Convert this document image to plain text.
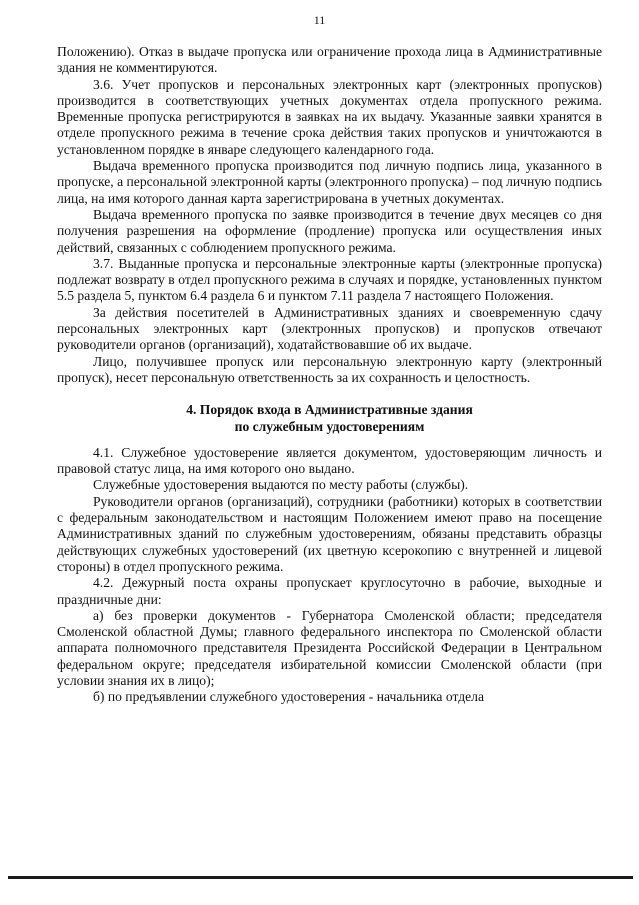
11

Положению). Отказ в выдаче пропуска или ограничение прохода лица в Административные здания не комментируются.

3.6. Учет пропусков и персональных электронных карт (электронных пропусков) производится в соответствующих учетных документах отдела пропускного режима. Временные пропуска регистрируются в заявках на их выдачу. Указанные заявки хранятся в отделе пропускного режима в течение срока действия таких пропусков и уничтожаются в установленном порядке в январе следующего календарного года.

Выдача временного пропуска производится под личную подпись лица, указанного в пропуске, а персональной электронной карты (электронного пропуска) – под личную подпись лица, на имя которого данная карта зарегистрирована в учетных документах.

Выдача временного пропуска по заявке производится в течение двух месяцев со дня получения разрешения на оформление (продление) пропуска или осуществления иных действий, связанных с соблюдением пропускного режима.

3.7. Выданные пропуска и персональные электронные карты (электронные пропуска) подлежат возврату в отдел пропускного режима в случаях и порядке, установленных пунктом 5.5 раздела 5, пунктом 6.4 раздела 6 и пунктом 7.11 раздела 7 настоящего Положения.

За действия посетителей в Административных зданиях и своевременную сдачу персональных электронных карт (электронных пропусков) и пропусков отвечают руководители органов (организаций), ходатайствовавшие об их выдаче.

Лицо, получившее пропуск или персональную электронную карту (электронный пропуск), несет персональную ответственность за их сохранность и целостность.

4. Порядок входа в Административные здания
по служебным удостоверениям

4.1. Служебное удостоверение является документом, удостоверяющим личность и правовой статус лица, на имя которого оно выдано.

Служебные удостоверения выдаются по месту работы (службы).

Руководители органов (организаций), сотрудники (работники) которых в соответствии с федеральным законодательством и настоящим Положением имеют право на посещение Административных зданий по служебным удостоверениям, обязаны представить образцы действующих служебных удостоверений (их цветную ксерокопию с внутренней и лицевой стороны) в отдел пропускного режима.

4.2. Дежурный поста охраны пропускает круглосуточно в рабочие, выходные и праздничные дни:

а) без проверки документов - Губернатора Смоленской области; председателя Смоленской областной Думы; главного федерального инспектора по Смоленской области аппарата полномочного представителя Президента Российской Федерации в Центральном федеральном округе; председателя избирательной комиссии Смоленской области (при условии знания их в лицо);

б) по предъявлении служебного удостоверения - начальника отдела
